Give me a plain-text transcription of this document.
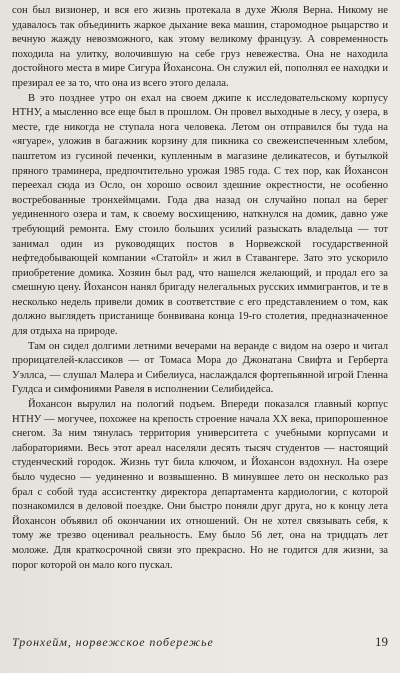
сон был визионер, и вся его жизнь протекала в духе Жюля Верна. Никому не удавалось так объединить жаркое дыхание века машин, старомодное рыцарство и вечную жажду невозможного, как этому великому французу. А современность походила на улитку, волочившую на себе груз невежества. Она не находила достойного места в мире Сигура Йохансона. Он служил ей, пополнял ее находки и презирал ее за то, что она из всего этого делала.

В это позднее утро он ехал на своем джипе к исследовательскому корпусу НТНУ, а мысленно все еще был в прошлом. Он провел выходные в лесу, у озера, в месте, где никогда не ступала нога человека. Летом он отправился бы туда на «ягуаре», уложив в багажник корзину для пикника со свежеиспеченным хлебом, паштетом из гусиной печенки, купленным в магазине деликатесов, и бутылкой пряного траминера, предпочтительно урожая 1985 года. С тех пор, как Йохансон переехал сюда из Осло, он хорошо освоил здешние окрестности, не особенно востребованные тронхеймцами. Года два назад он случайно попал на берег уединенного озера и там, к своему восхищению, наткнулся на домик, давно уже требующий ремонта. Ему стоило больших усилий разыскать владельца — тот занимал один из руководящих постов в Норвежской государственной нефтедобывающей компании «Статойл» и жил в Ставангере. Зато это ускорило приобретение домика. Хозяин был рад, что нашелся желающий, и продал его за смешную цену. Йохансон нанял бригаду нелегальных русских иммигрантов, и те в несколько недель привели домик в соответствие с его представлением о том, как должно выглядеть пристанище бонвивана конца 19-го столетия, предназначенное для отдыха на природе.

Там он сидел долгими летними вечерами на веранде с видом на озеро и читал прорицателей-классиков — от Томаса Мора до Джонатана Свифта и Герберта Уэллса, — слушал Малера и Сибелиуса, наслаждался фортепьянной игрой Гленна Гулдса и симфониями Равеля в исполнении Селибидейса.

Йохансон вырулил на пологий подъем. Впереди показался главный корпус НТНУ — могучее, похожее на крепость строение начала XX века, припорошенное снегом. За ним тянулась территория университета с учебными корпусами и лабораториями. Весь этот ареал населяли десять тысяч студентов — настоящий студенческий городок. Жизнь тут била ключом, и Йохансон вздохнул. На озере было чудесно — уединенно и возвышенно. В минувшее лето он несколько раз брал с собой туда ассистентку директора департамента кардиологии, с которой познакомился в деловой поездке. Они быстро поняли друг друга, но к концу лета Йохансон объявил об окончании их отношений. Он не хотел связывать себя, к тому же трезво оценивал реальность. Ему было 56 лет, она на тридцать лет моложе. Для краткосрочной связи это прекрасно. Но не годится для жизни, за порог которой он мало кого пускал.

Тронхейм, норвежское побережье	19
